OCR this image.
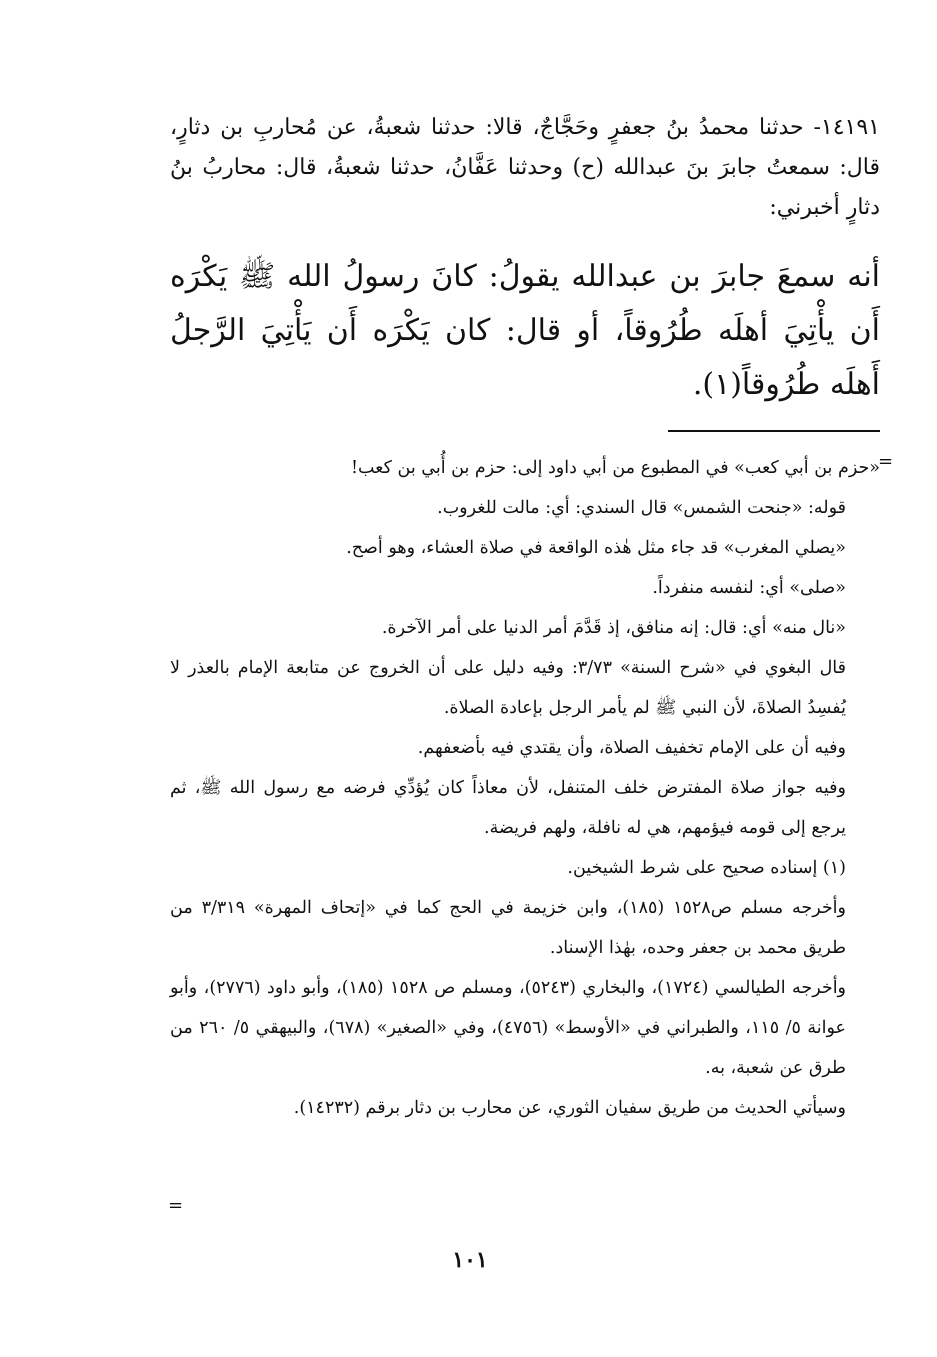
١٤١٩١- حدثنا محمدُ بنُ جعفرٍ وحَجَّاجٌ، قالا: حدثنا شعبةُ، عن مُحاربِ بن دثارٍ، قال: سمعتُ جابرَ بنَ عبدالله (ح) وحدثنا عَفَّانُ، حدثنا شعبةُ، قال: محاربُ بنُ دثارٍ أخبرني:

أنه سمعَ جابرَ بن عبدالله يقولُ: كانَ رسولُ الله ﷺ يَكْرَه أَن يأْتِيَ أهلَه طُرُوقاً، أو قال: كان يَكْرَه أَن يَأْتِيَ الرَّجلُ أَهلَه طُرُوقاً(١).

=

«حزم بن أبي كعب» في المطبوع من أبي داود إلى: حزم بن أُبي بن كعب!

قوله: «جنحت الشمس» قال السندي: أي: مالت للغروب.

«يصلي المغرب» قد جاء مثل هٰذه الواقعة في صلاة العشاء، وهو أصح.

«صلى» أي: لنفسه منفرداً.

«نال منه» أي: قال: إنه منافق، إذ قَدَّمَ أمر الدنيا على أمر الآخرة.

قال البغوي في «شرح السنة» ٣/٧٣: وفيه دليل على أن الخروج عن متابعة الإمام بالعذر لا يُفسِدُ الصلاةَ، لأن النبي ﷺ لم يأمر الرجل بإعادة الصلاة.

وفيه أن على الإمام تخفيف الصلاة، وأن يقتدي فيه بأضعفهم.

وفيه جواز صلاة المفترض خلف المتنفل، لأن معاذاً كان يُؤدِّي فرضه مع رسول الله ﷺ، ثم يرجع إلى قومه فيؤمهم، هي له نافلة، ولهم فريضة.

(١) إسناده صحيح على شرط الشيخين.

وأخرجه مسلم ص١٥٢٨ (١٨٥)، وابن خزيمة في الحج كما في «إتحاف المهرة» ٣/٣١٩ من طريق محمد بن جعفر وحده، بهٰذا الإسناد.

وأخرجه الطيالسي (١٧٢٤)، والبخاري (٥٢٤٣)، ومسلم ص ١٥٢٨ (١٨٥)، وأبو داود (٢٧٧٦)، وأبو عوانة ٥/ ١١٥، والطبراني في «الأوسط» (٤٧٥٦)، وفي «الصغير» (٦٧٨)، والبيهقي ٥/ ٢٦٠ من طرق عن شعبة، به.

وسيأتي الحديث من طريق سفيان الثوري، عن محارب بن دثار برقم (١٤٢٣٢).

=
١٠١
